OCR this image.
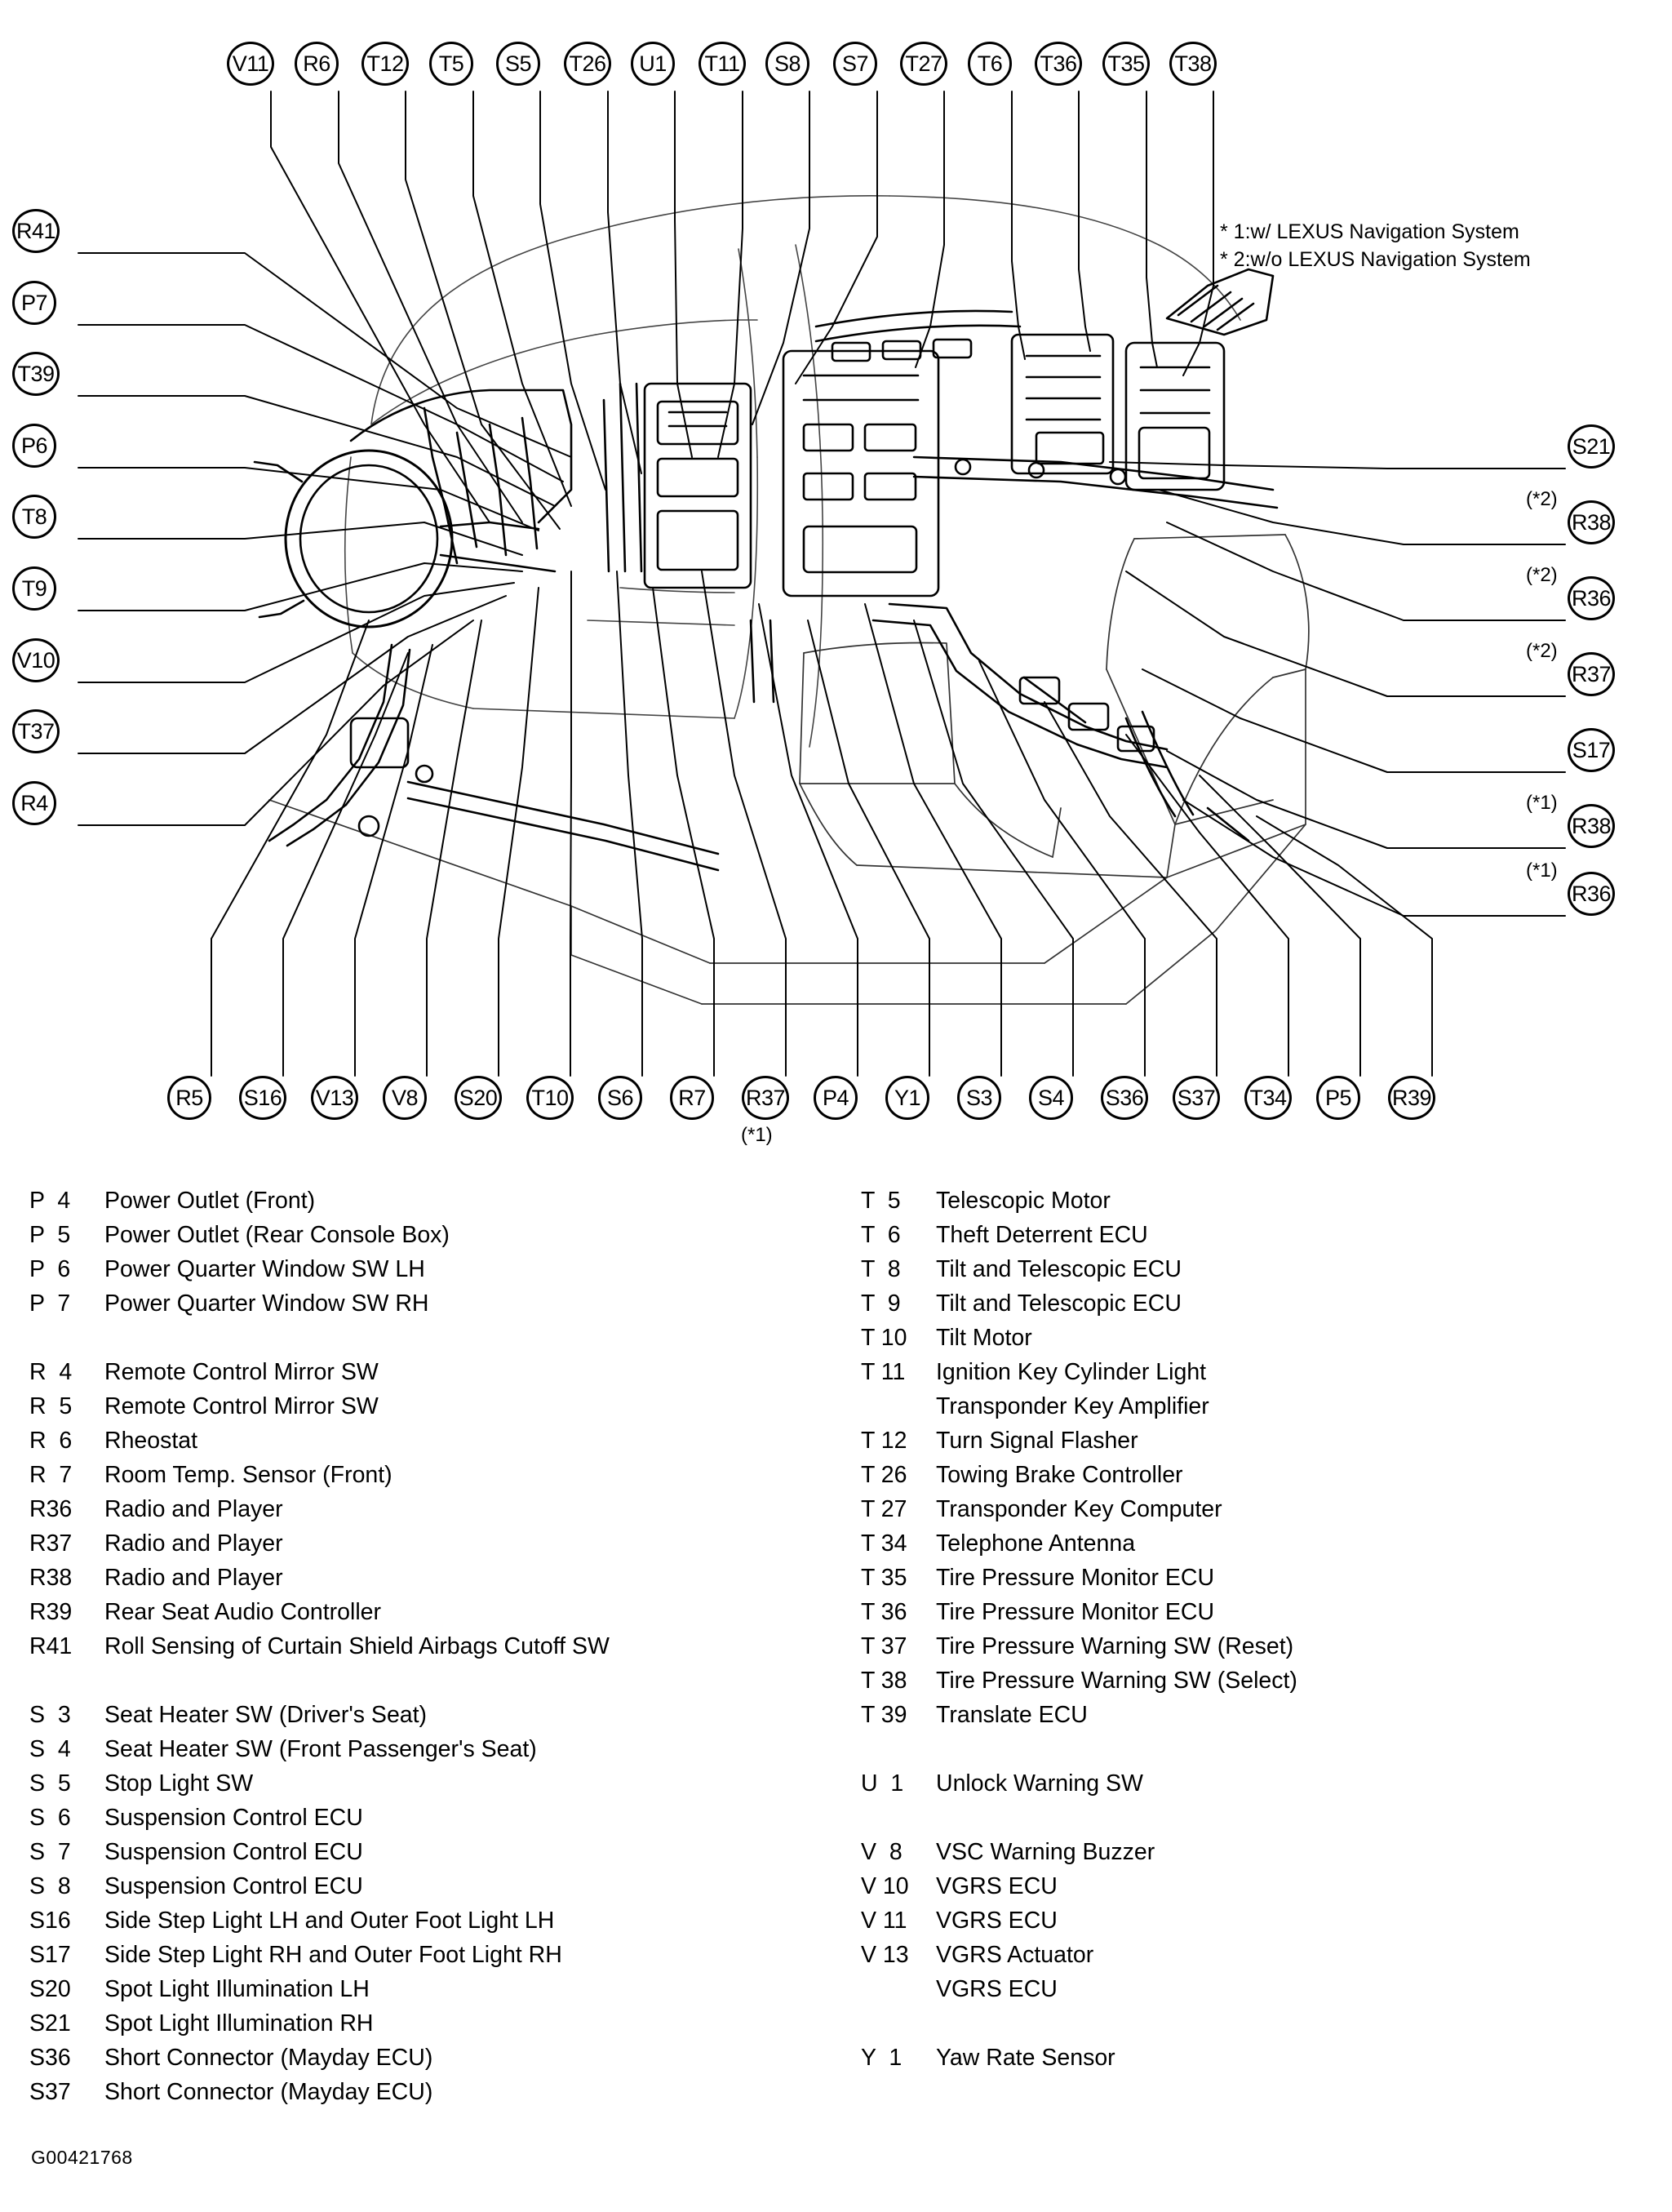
* 1:w/ LEXUS Navigation System
* 2:w/o LEXUS Navigation System
V11	R6	T12	T5	S5	T26	U1	T11	S8	S7	T27	T6	T36 T35 T38
R41
P7
T39
P6
T8
T9
V10
T37
R4
S21
R38
(*2)
R36
(*2)
R37
(*2)
S17
R38
(*1)
R36
(*1)
R5	S16 V13	V8	S20 T10	S6	R7	R37
(*1)
P4	Y1	S3	S4	S36 S37 T34	P5	R39
P  4	Power Outlet (Front)
P  5	Power Outlet (Rear Console Box)
P  6	Power Quarter Window SW LH
P  7	Power Quarter Window SW RH
R  4	Remote Control Mirror SW
R  5	Remote Control Mirror SW
R  6	Rheostat
R  7	Room Temp. Sensor (Front)
R36	Radio and Player
R37	Radio and Player
R38	Radio and Player
R39	Rear Seat Audio Controller
R41	Roll Sensing of Curtain Shield Airbags Cutoff SW
S  3	Seat Heater SW (Driver's Seat)
S  4	Seat Heater SW (Front Passenger's Seat)
S  5	Stop Light SW
S  6	Suspension Control ECU
S  7	Suspension Control ECU
S  8	Suspension Control ECU
S16	Side Step Light LH and Outer Foot Light LH
S17	Side Step Light RH and Outer Foot Light RH
S20	Spot Light Illumination LH
S21	Spot Light Illumination RH
S36	Short Connector (Mayday ECU)
S37	Short Connector (Mayday ECU)
T  5	Telescopic Motor
T  6	Theft Deterrent ECU
T  8	Tilt and Telescopic ECU
T  9	Tilt and Telescopic ECU
T 10	Tilt Motor
T 11	Ignition Key Cylinder Light
Transponder Key Amplifier
T 12	Turn Signal Flasher
T 26	Towing Brake Controller
T 27	Transponder Key Computer
T 34	Telephone Antenna
T 35	Tire Pressure Monitor ECU
T 36	Tire Pressure Monitor ECU
T 37	Tire Pressure Warning SW (Reset)
T 38	Tire Pressure Warning SW (Select)
T 39	Translate ECU
U  1	Unlock Warning SW
V  8	VSC Warning Buzzer
V 10	VGRS ECU
V 11	VGRS ECU
V 13	VGRS Actuator
VGRS ECU
Y  1	Yaw Rate Sensor
G00421768
